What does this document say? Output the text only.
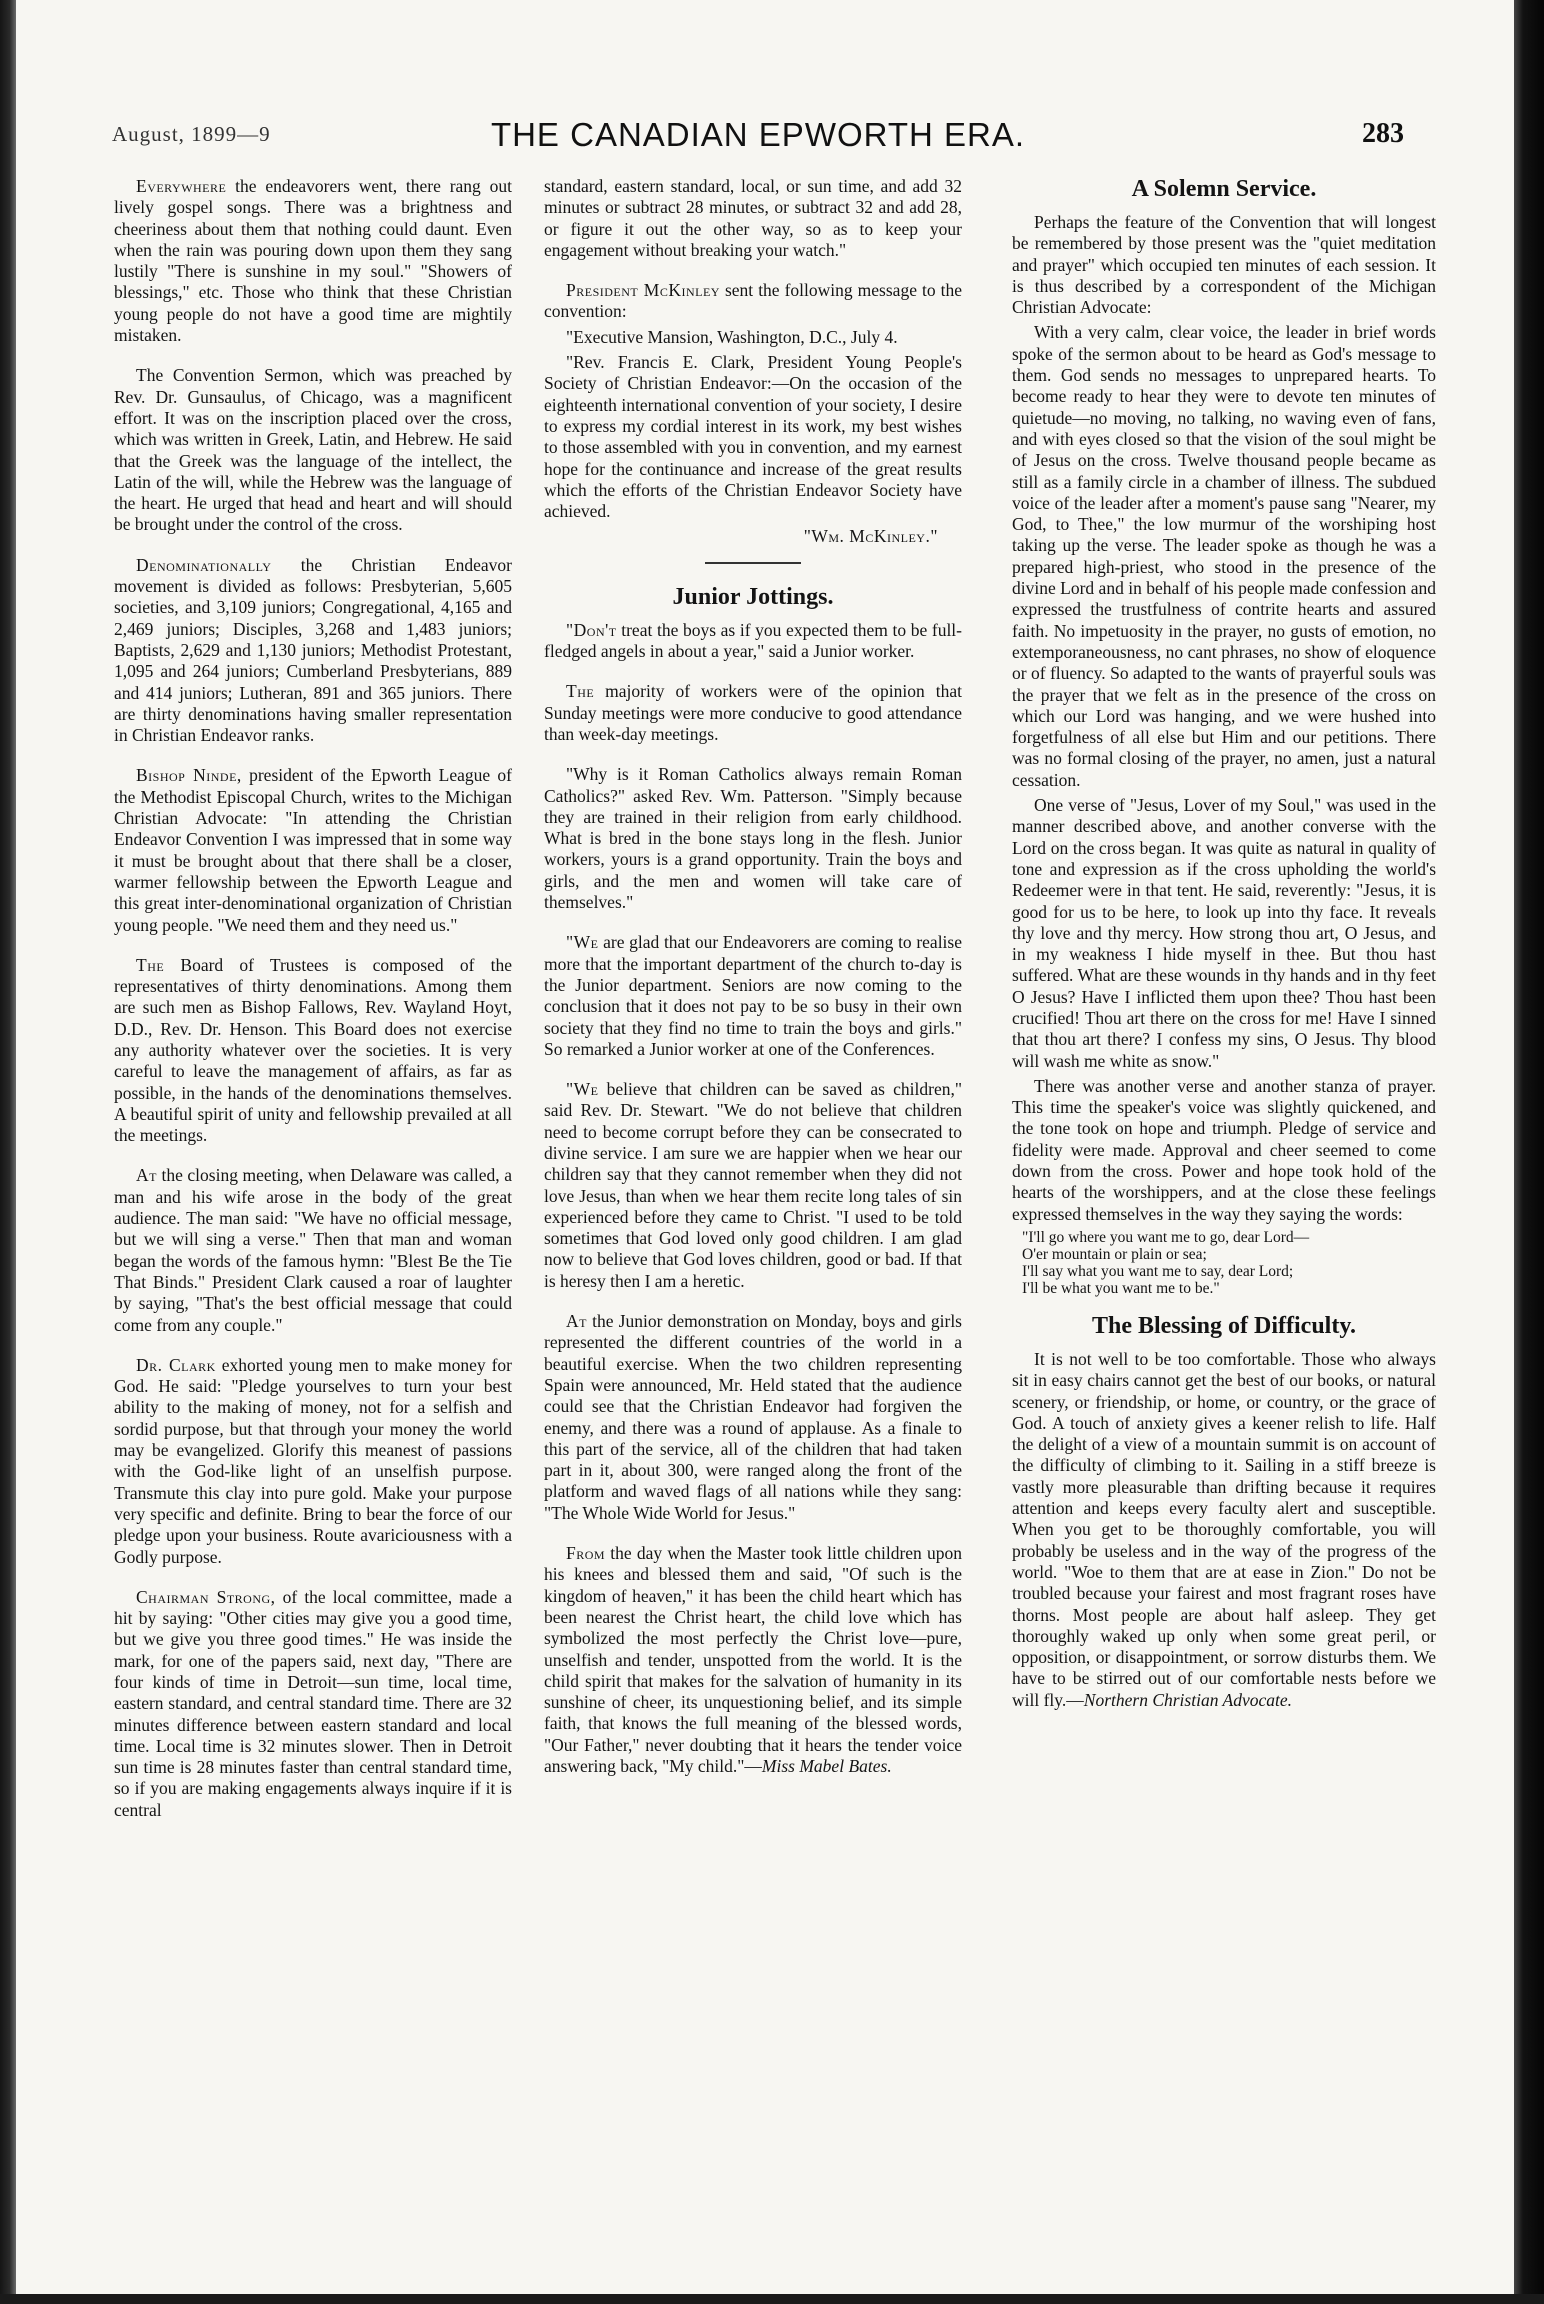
August, 1899—9	THE CANADIAN EPWORTH ERA.	283

Everywhere the endeavorers went, there rang out lively gospel songs. There was a brightness and cheeriness about them that nothing could daunt. Even when the rain was pouring down upon them they sang lustily "There is sunshine in my soul." "Showers of blessings," etc. Those who think that these Christian young people do not have a good time are mightily mistaken.

The Convention Sermon, which was preached by Rev. Dr. Gunsaulus, of Chicago, was a magnificent effort. It was on the inscription placed over the cross, which was written in Greek, Latin, and Hebrew. He said that the Greek was the language of the intellect, the Latin of the will, while the Hebrew was the language of the heart. He urged that head and heart and will should be brought under the control of the cross.

Denominationally the Christian Endeavor movement is divided as follows: Presbyterian, 5,605 societies, and 3,109 juniors; Congregational, 4,165 and 2,469 juniors; Disciples, 3,268 and 1,483 juniors; Baptists, 2,629 and 1,130 juniors; Methodist Protestant, 1,095 and 264 juniors; Cumberland Presbyterians, 889 and 414 juniors; Lutheran, 891 and 365 juniors. There are thirty denominations having smaller representation in Christian Endeavor ranks.

Bishop Ninde, president of the Epworth League of the Methodist Episcopal Church, writes to the Michigan Christian Advocate: "In attending the Christian Endeavor Convention I was impressed that in some way it must be brought about that there shall be a closer, warmer fellowship between the Epworth League and this great inter-denominational organization of Christian young people. "We need them and they need us."

The Board of Trustees is composed of the representatives of thirty denominations. Among them are such men as Bishop Fallows, Rev. Wayland Hoyt, D.D., Rev. Dr. Henson. This Board does not exercise any authority whatever over the societies. It is very careful to leave the management of affairs, as far as possible, in the hands of the denominations themselves. A beautiful spirit of unity and fellowship prevailed at all the meetings.

At the closing meeting, when Delaware was called, a man and his wife arose in the body of the great audience. The man said: "We have no official message, but we will sing a verse." Then that man and woman began the words of the famous hymn: "Blest Be the Tie That Binds." President Clark caused a roar of laughter by saying, "That's the best official message that could come from any couple."

Dr. Clark exhorted young men to make money for God. He said: "Pledge yourselves to turn your best ability to the making of money, not for a selfish and sordid purpose, but that through your money the world may be evangelized. Glorify this meanest of passions with the God-like light of an unselfish purpose. Transmute this clay into pure gold. Make your purpose very specific and definite. Bring to bear the force of our pledge upon your business. Route avariciousness with a Godly purpose.

Chairman Strong, of the local committee, made a hit by saying: "Other cities may give you a good time, but we give you three good times." He was inside the mark, for one of the papers said, next day, "There are four kinds of time in Detroit—sun time, local time, eastern standard, and central standard time. There are 32 minutes difference between eastern standard and local time. Local time is 32 minutes slower. Then in Detroit sun time is 28 minutes faster than central standard time, so if you are making engagements always inquire if it is central

standard, eastern standard, local, or sun time, and add 32 minutes or subtract 28 minutes, or subtract 32 and add 28, or figure it out the other way, so as to keep your engagement without breaking your watch."

President McKinley sent the following message to the convention:

"Executive Mansion, Washington, D.C., July 4.

"Rev. Francis E. Clark, President Young People's Society of Christian Endeavor:—On the occasion of the eighteenth international convention of your society, I desire to express my cordial interest in its work, my best wishes to those assembled with you in convention, and my earnest hope for the continuance and increase of the great results which the efforts of the Christian Endeavor Society have achieved.

"Wm. McKinley."
Junior Jottings.

"Don't treat the boys as if you expected them to be full-fledged angels in about a year," said a Junior worker.

The majority of workers were of the opinion that Sunday meetings were more conducive to good attendance than week-day meetings.

"Why is it Roman Catholics always remain Roman Catholics?" asked Rev. Wm. Patterson. "Simply because they are trained in their religion from early childhood. What is bred in the bone stays long in the flesh. Junior workers, yours is a grand opportunity. Train the boys and girls, and the men and women will take care of themselves."

"We are glad that our Endeavorers are coming to realise more that the important department of the church to-day is the Junior department. Seniors are now coming to the conclusion that it does not pay to be so busy in their own society that they find no time to train the boys and girls." So remarked a Junior worker at one of the Conferences.

"We believe that children can be saved as children," said Rev. Dr. Stewart. "We do not believe that children need to become corrupt before they can be consecrated to divine service. I am sure we are happier when we hear our children say that they cannot remember when they did not love Jesus, than when we hear them recite long tales of sin experienced before they came to Christ. "I used to be told sometimes that God loved only good children. I am glad now to believe that God loves children, good or bad. If that is heresy then I am a heretic.

At the Junior demonstration on Monday, boys and girls represented the different countries of the world in a beautiful exercise. When the two children representing Spain were announced, Mr. Held stated that the audience could see that the Christian Endeavor had forgiven the enemy, and there was a round of applause. As a finale to this part of the service, all of the children that had taken part in it, about 300, were ranged along the front of the platform and waved flags of all nations while they sang: "The Whole Wide World for Jesus."

From the day when the Master took little children upon his knees and blessed them and said, "Of such is the kingdom of heaven," it has been the child heart which has been nearest the Christ heart, the child love which has symbolized the most perfectly the Christ love—pure, unselfish and tender, unspotted from the world. It is the child spirit that makes for the salvation of humanity in its sunshine of cheer, its unquestioning belief, and its simple faith, that knows the full meaning of the blessed words, "Our Father," never doubting that it hears the tender voice answering back, "My child."—Miss Mabel Bates.

A Solemn Service.

Perhaps the feature of the Convention that will longest be remembered by those present was the "quiet meditation and prayer" which occupied ten minutes of each session. It is thus described by a correspondent of the Michigan Christian Advocate:

With a very calm, clear voice, the leader in brief words spoke of the sermon about to be heard as God's message to them. God sends no messages to unprepared hearts. To become ready to hear they were to devote ten minutes of quietude—no moving, no talking, no waving even of fans, and with eyes closed so that the vision of the soul might be of Jesus on the cross. Twelve thousand people became as still as a family circle in a chamber of illness. The subdued voice of the leader after a moment's pause sang "Nearer, my God, to Thee," the low murmur of the worshiping host taking up the verse. The leader spoke as though he was a prepared high-priest, who stood in the presence of the divine Lord and in behalf of his people made confession and expressed the trustfulness of contrite hearts and assured faith. No impetuosity in the prayer, no gusts of emotion, no extemporaneousness, no cant phrases, no show of eloquence or of fluency. So adapted to the wants of prayerful souls was the prayer that we felt as in the presence of the cross on which our Lord was hanging, and we were hushed into forgetfulness of all else but Him and our petitions. There was no formal closing of the prayer, no amen, just a natural cessation.

One verse of "Jesus, Lover of my Soul," was used in the manner described above, and another converse with the Lord on the cross began. It was quite as natural in quality of tone and expression as if the cross upholding the world's Redeemer were in that tent. He said, reverently: "Jesus, it is good for us to be here, to look up into thy face. It reveals thy love and thy mercy. How strong thou art, O Jesus, and in my weakness I hide myself in thee. But thou hast suffered. What are these wounds in thy hands and in thy feet O Jesus? Have I inflicted them upon thee? Thou hast been crucified! Thou art there on the cross for me! Have I sinned that thou art there? I confess my sins, O Jesus. Thy blood will wash me white as snow."

There was another verse and another stanza of prayer. This time the speaker's voice was slightly quickened, and the tone took on hope and triumph. Pledge of service and fidelity were made. Approval and cheer seemed to come down from the cross. Power and hope took hold of the hearts of the worshippers, and at the close these feelings expressed themselves in the way they saying the words:

"I'll go where you want me to go, dear Lord—
O'er mountain or plain or sea;
I'll say what you want me to say, dear Lord;
I'll be what you want me to be."
The Blessing of Difficulty.

It is not well to be too comfortable. Those who always sit in easy chairs cannot get the best of our books, or natural scenery, or friendship, or home, or country, or the grace of God. A touch of anxiety gives a keener relish to life. Half the delight of a view of a mountain summit is on account of the difficulty of climbing to it. Sailing in a stiff breeze is vastly more pleasurable than drifting because it requires attention and keeps every faculty alert and susceptible. When you get to be thoroughly comfortable, you will probably be useless and in the way of the progress of the world. "Woe to them that are at ease in Zion." Do not be troubled because your fairest and most fragrant roses have thorns. Most people are about half asleep. They get thoroughly waked up only when some great peril, or opposition, or disappointment, or sorrow disturbs them. We have to be stirred out of our comfortable nests before we will fly.—Northern Christian Advocate.
